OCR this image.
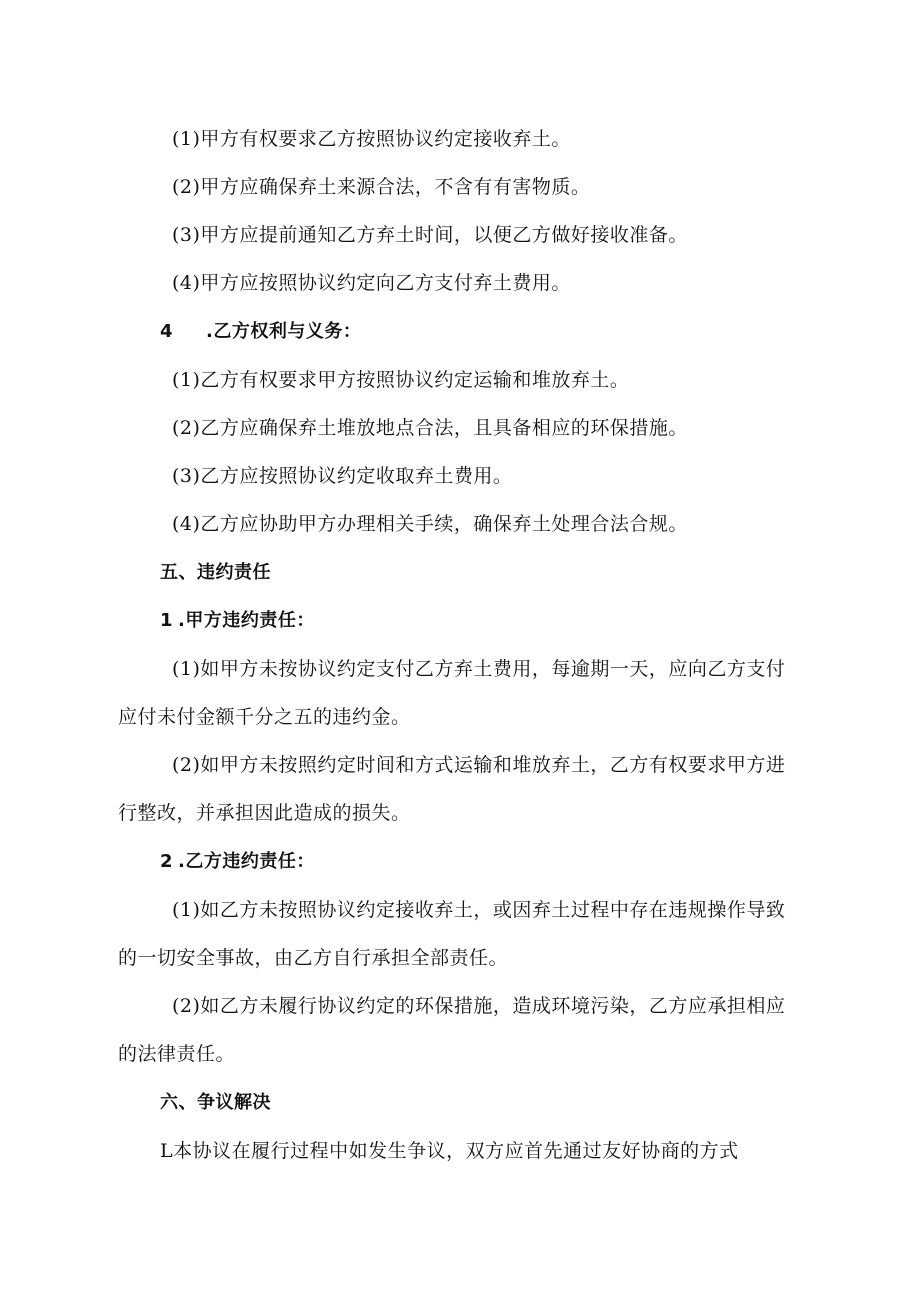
(1)甲方有权要求乙方按照协议约定接收弃土。
(2)甲方应确保弃土来源合法，不含有有害物质。
(3)甲方应提前通知乙方弃土时间，以便乙方做好接收准备。
(4)甲方应按照协议约定向乙方支付弃土费用。
4 .乙方权利与义务：
(1)乙方有权要求甲方按照协议约定运输和堆放弃土。
(2)乙方应确保弃土堆放地点合法，且具备相应的环保措施。
(3)乙方应按照协议约定收取弃土费用。
(4)乙方应协助甲方办理相关手续，确保弃土处理合法合规。
五、违约责任
1 .甲方违约责任：
(1)如甲方未按协议约定支付乙方弃土费用，每逾期一天，应向乙方支付
应付未付金额千分之五的违约金。
(2)如甲方未按照约定时间和方式运输和堆放弃土，乙方有权要求甲方进
行整改，并承担因此造成的损失。
2 .乙方违约责任：
(1)如乙方未按照协议约定接收弃土，或因弃土过程中存在违规操作导致
的一切安全事故，由乙方自行承担全部责任。
(2)如乙方未履行协议约定的环保措施，造成环境污染，乙方应承担相应
的法律责任。
六、争议解决
L本协议在履行过程中如发生争议，双方应首先通过友好协商的方式
